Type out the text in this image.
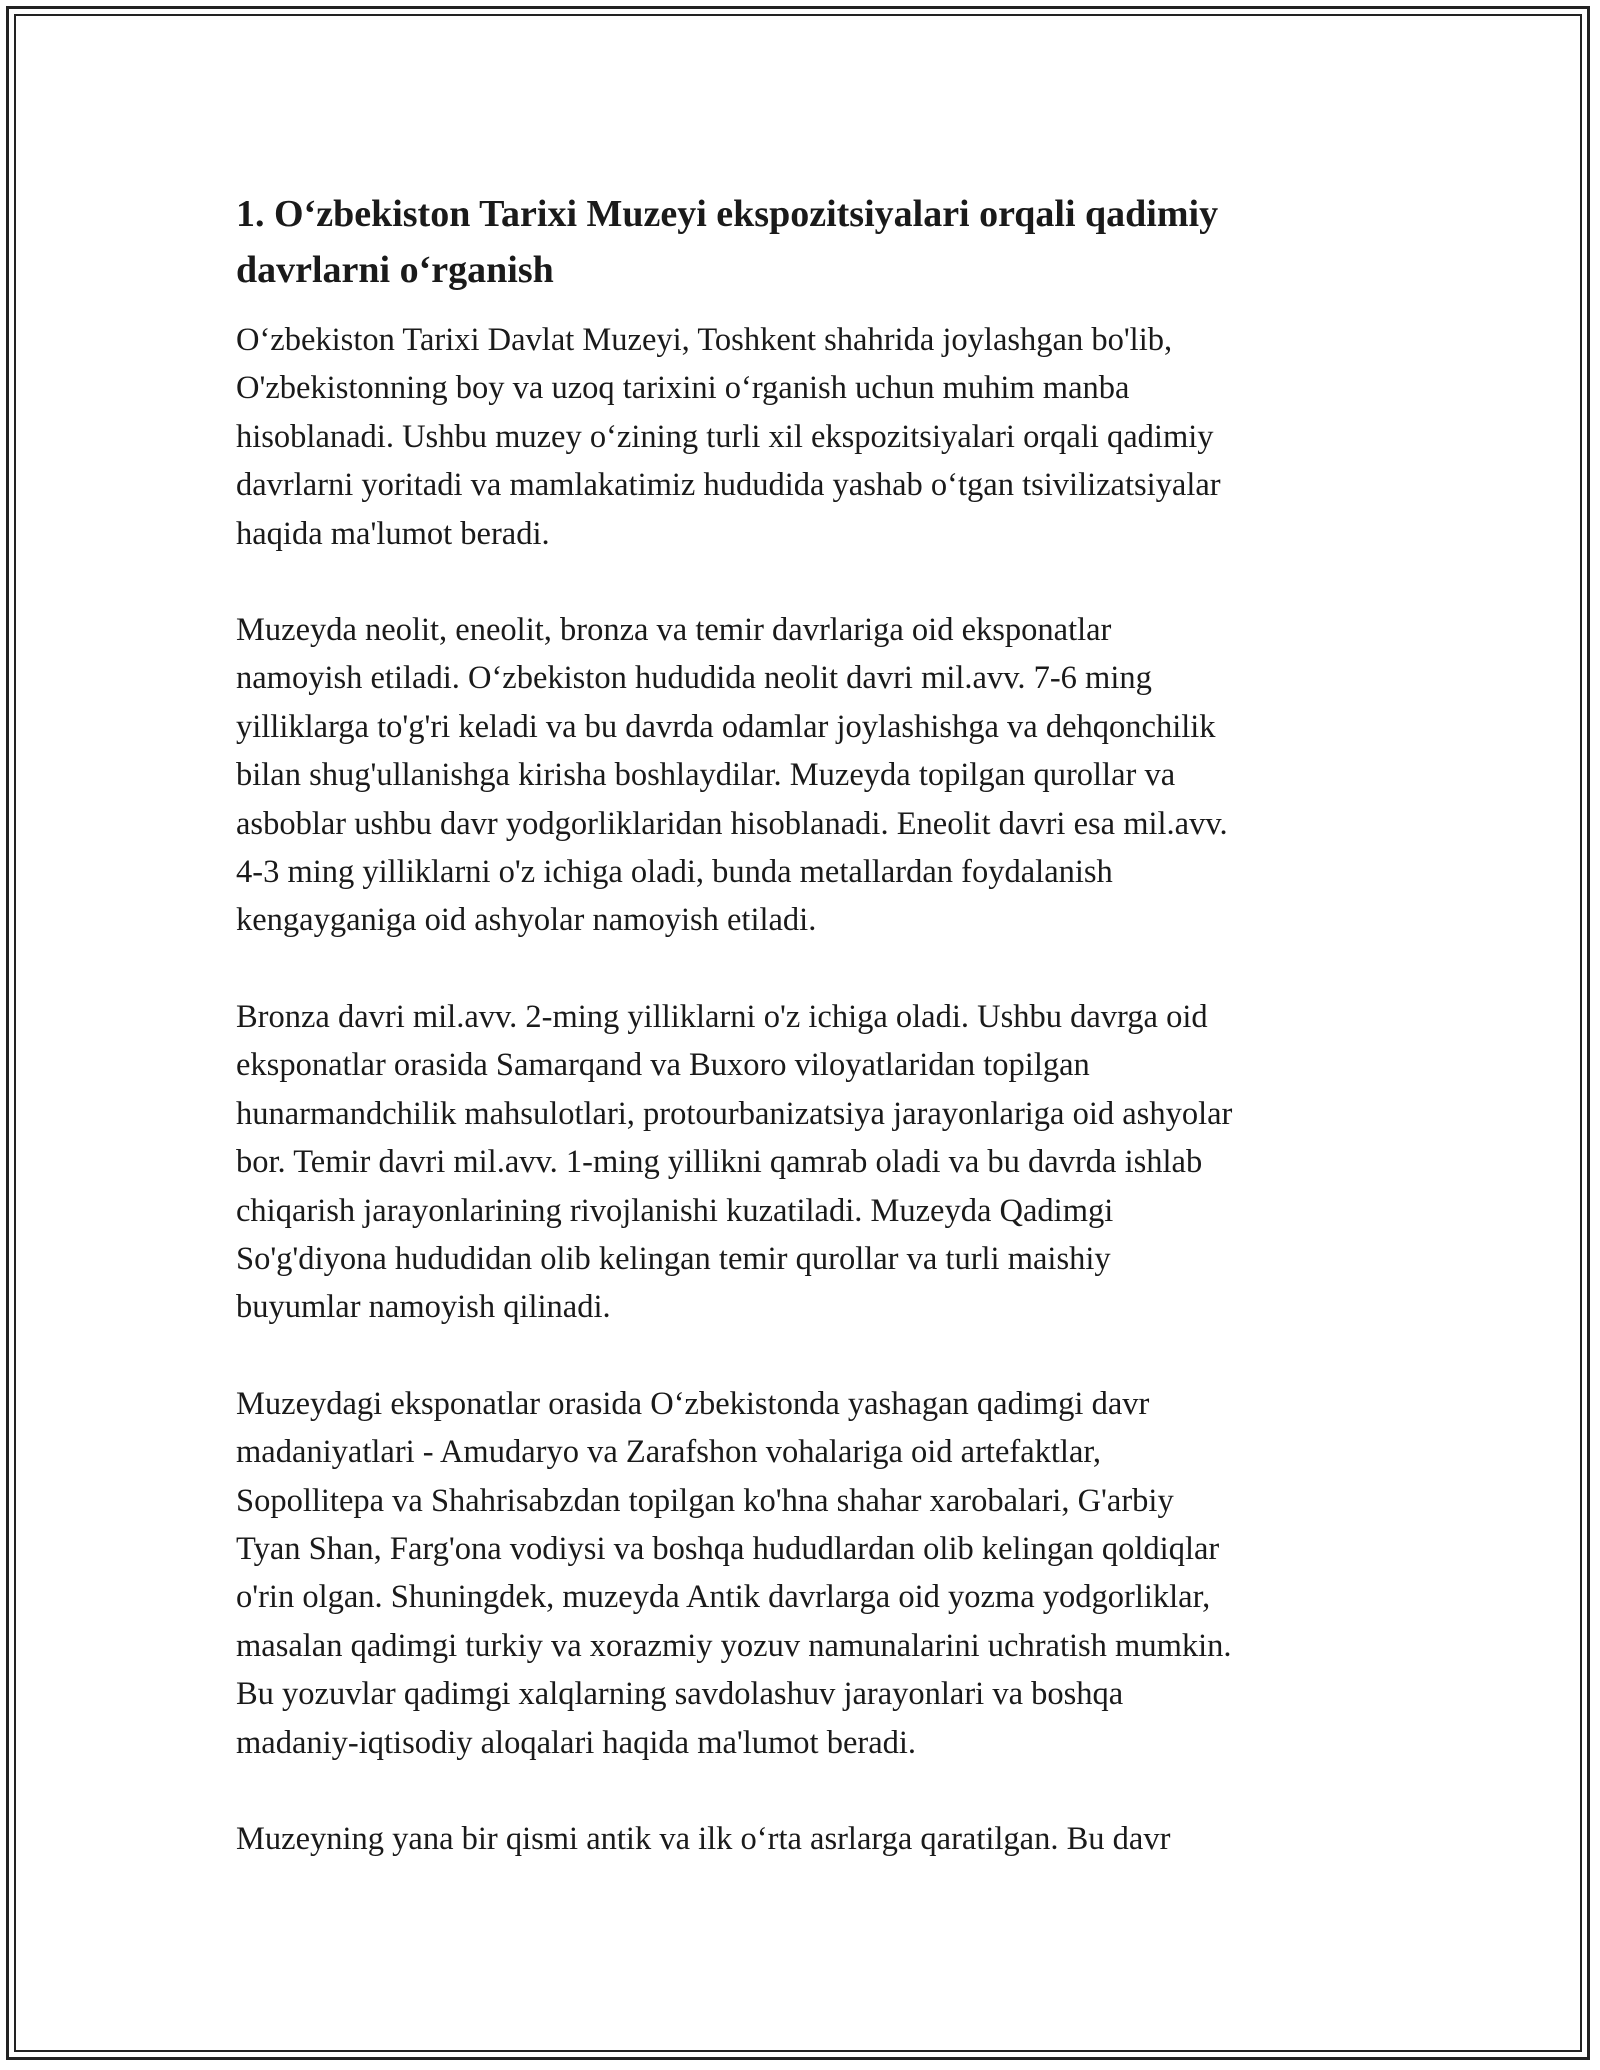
1. O‘zbekiston Tarixi Muzeyi ekspozitsiyalari orqali qadimiy
davrlarni o‘rganish

O‘zbekiston Tarixi Davlat Muzeyi, Toshkent shahrida joylashgan bo'lib,
O'zbekistonning boy va uzoq tarixini o‘rganish uchun muhim manba
hisoblanadi. Ushbu muzey o‘zining turli xil ekspozitsiyalari orqali qadimiy
davrlarni yoritadi va mamlakatimiz hududida yashab o‘tgan tsivilizatsiyalar
haqida ma'lumot beradi.

Muzeyda neolit, eneolit, bronza va temir davrlariga oid eksponatlar
namoyish etiladi. O‘zbekiston hududida neolit davri mil.avv. 7-6 ming
yilliklarga to'g'ri keladi va bu davrda odamlar joylashishga va dehqonchilik
bilan shug'ullanishga kirisha boshlaydilar. Muzeyda topilgan qurollar va
asboblar ushbu davr yodgorliklaridan hisoblanadi. Eneolit davri esa mil.avv.
4-3 ming yilliklarni o'z ichiga oladi, bunda metallardan foydalanish
kengayganiga oid ashyolar namoyish etiladi.

Bronza davri mil.avv. 2-ming yilliklarni o'z ichiga oladi. Ushbu davrga oid
eksponatlar orasida Samarqand va Buxoro viloyatlaridan topilgan
hunarmandchilik mahsulotlari, protourbanizatsiya jarayonlariga oid ashyolar
bor. Temir davri mil.avv. 1-ming yillikni qamrab oladi va bu davrda ishlab
chiqarish jarayonlarining rivojlanishi kuzatiladi. Muzeyda Qadimgi
So'g'diyona hududidan olib kelingan temir qurollar va turli maishiy
buyumlar namoyish qilinadi.

Muzeydagi eksponatlar orasida O‘zbekistonda yashagan qadimgi davr
madaniyatlari - Amudaryo va Zarafshon vohalariga oid artefaktlar,
Sopollitepa va Shahrisabzdan topilgan ko'hna shahar xarobalari, G'arbiy
Tyan Shan, Farg'ona vodiysi va boshqa hududlardan olib kelingan qoldiqlar
o'rin olgan. Shuningdek, muzeyda Antik davrlarga oid yozma yodgorliklar,
masalan qadimgi turkiy va xorazmiy yozuv namunalarini uchratish mumkin.
Bu yozuvlar qadimgi xalqlarning savdolashuv jarayonlari va boshqa
madaniy-iqtisodiy aloqalari haqida ma'lumot beradi.

Muzeyning yana bir qismi antik va ilk o‘rta asrlarga qaratilgan. Bu davr
